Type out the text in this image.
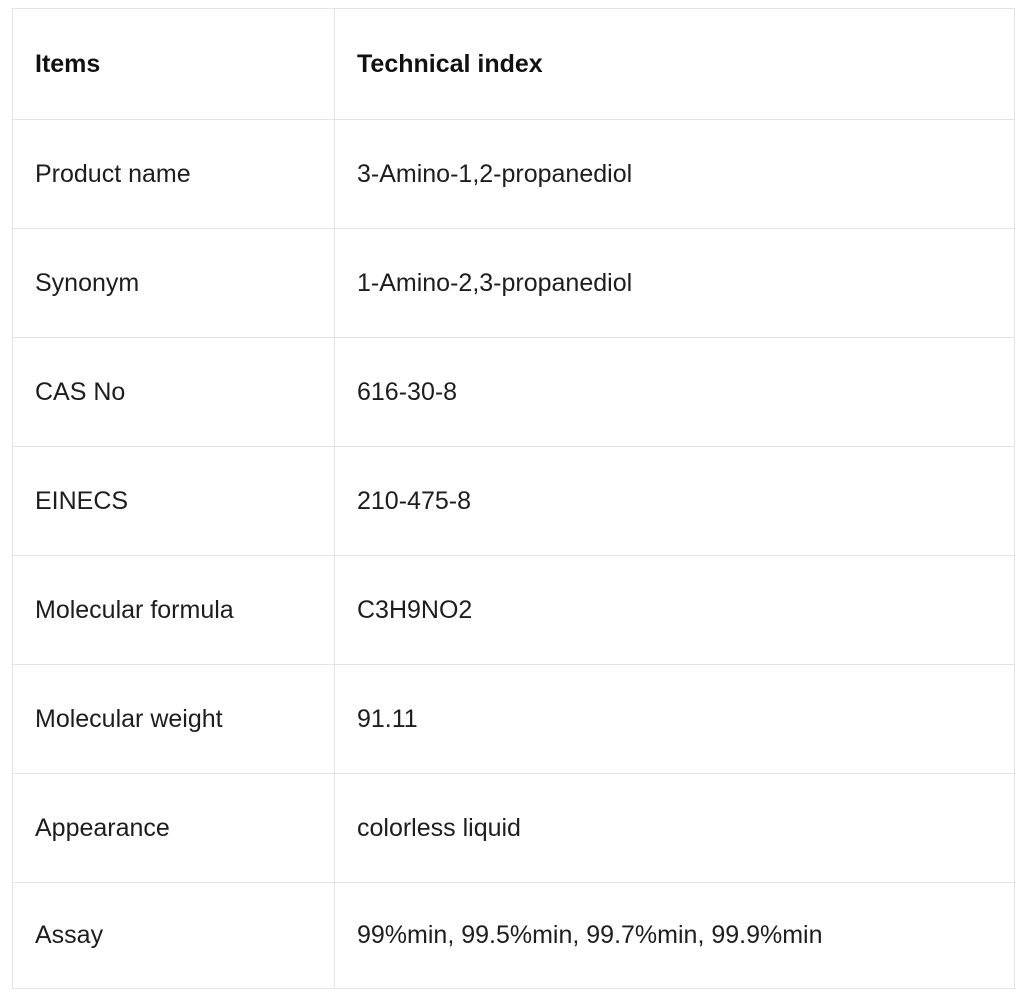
Items	Technical index
Product name	3-Amino-1,2-propanediol
Synonym	1-Amino-2,3-propanediol
CAS No	616-30-8
EINECS	210-475-8
Molecular formula	C3H9NO2
Molecular weight	91.11
Appearance	colorless liquid
Assay	99%min, 99.5%min, 99.7%min, 99.9%min
